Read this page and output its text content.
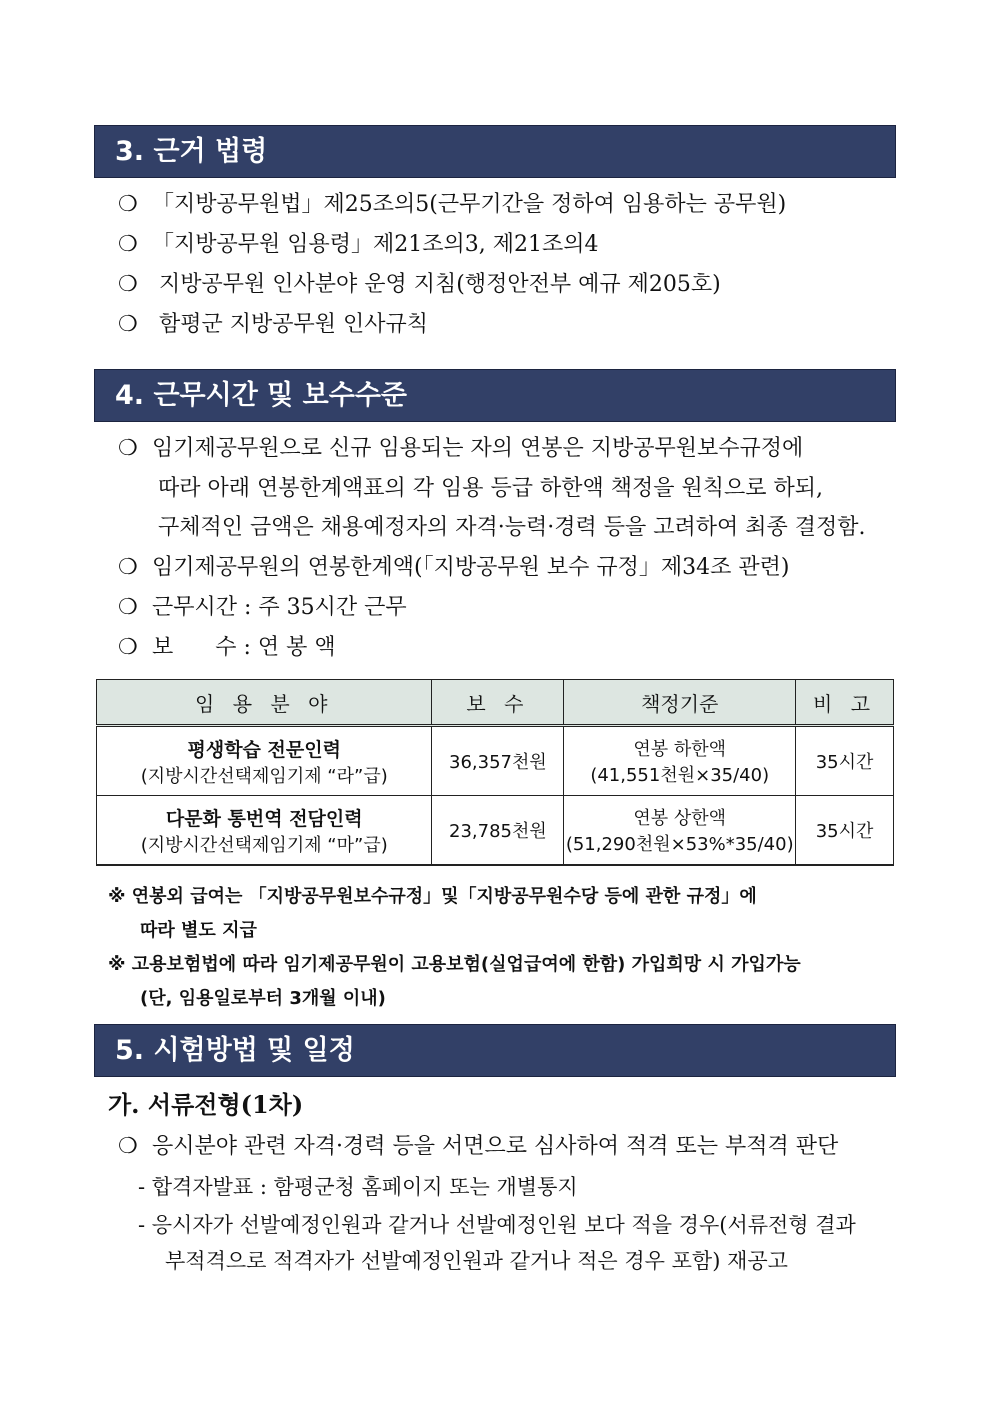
3. 근거 법령
❍ 「지방공무원법」제25조의5(근무기간을 정하여 임용하는 공무원)
❍ 「지방공무원 임용령」제21조의3, 제21조의4
❍ 지방공무원 인사분야 운영 지침(행정안전부 예규 제205호)
❍ 함평군 지방공무원 인사규칙
4. 근무시간 및 보수수준
❍ 임기제공무원으로 신규 임용되는 자의 연봉은 지방공무원보수규정에
따라 아래 연봉한계액표의 각 임용 등급 하한액 책정을 원칙으로 하되,
구체적인 금액은 채용예정자의 자격·능력·경력 등을 고려하여 최종 결정함.
❍ 임기제공무원의 연봉한계액(「지방공무원 보수 규정」제34조 관련)
❍ 근무시간 : 주 35시간 근무
❍ 보      수 : 연 봉 액
임 용 분 야	보 수	책정기준	비 고

평생학습 전문인력
(지방시간선택제임기제 “라”급)	36,357천원	연봉 하한액
(41,551천원×35/40)	35시간

다문화 통번역 전담인력
(지방시간선택제임기제 “마”급)	23,785천원	연봉 상한액
(51,290천원×53%*35/40)	35시간
※ 연봉외 급여는 「지방공무원보수규정」및「지방공무원수당 등에 관한 규정」에
따라 별도 지급
※ 고용보험법에 따라 임기제공무원이 고용보험(실업급여에 한함) 가입희망 시 가입가능
(단, 임용일로부터 3개월 이내)
5. 시험방법 및 일정
가. 서류전형(1차)
❍ 응시분야 관련 자격·경력 등을 서면으로 심사하여 적격 또는 부적격 판단
- 합격자발표 : 함평군청 홈페이지 또는 개별통지
- 응시자가 선발예정인원과 같거나 선발예정인원 보다 적을 경우(서류전형 결과
부적격으로 적격자가 선발예정인원과 같거나 적은 경우 포함) 재공고
